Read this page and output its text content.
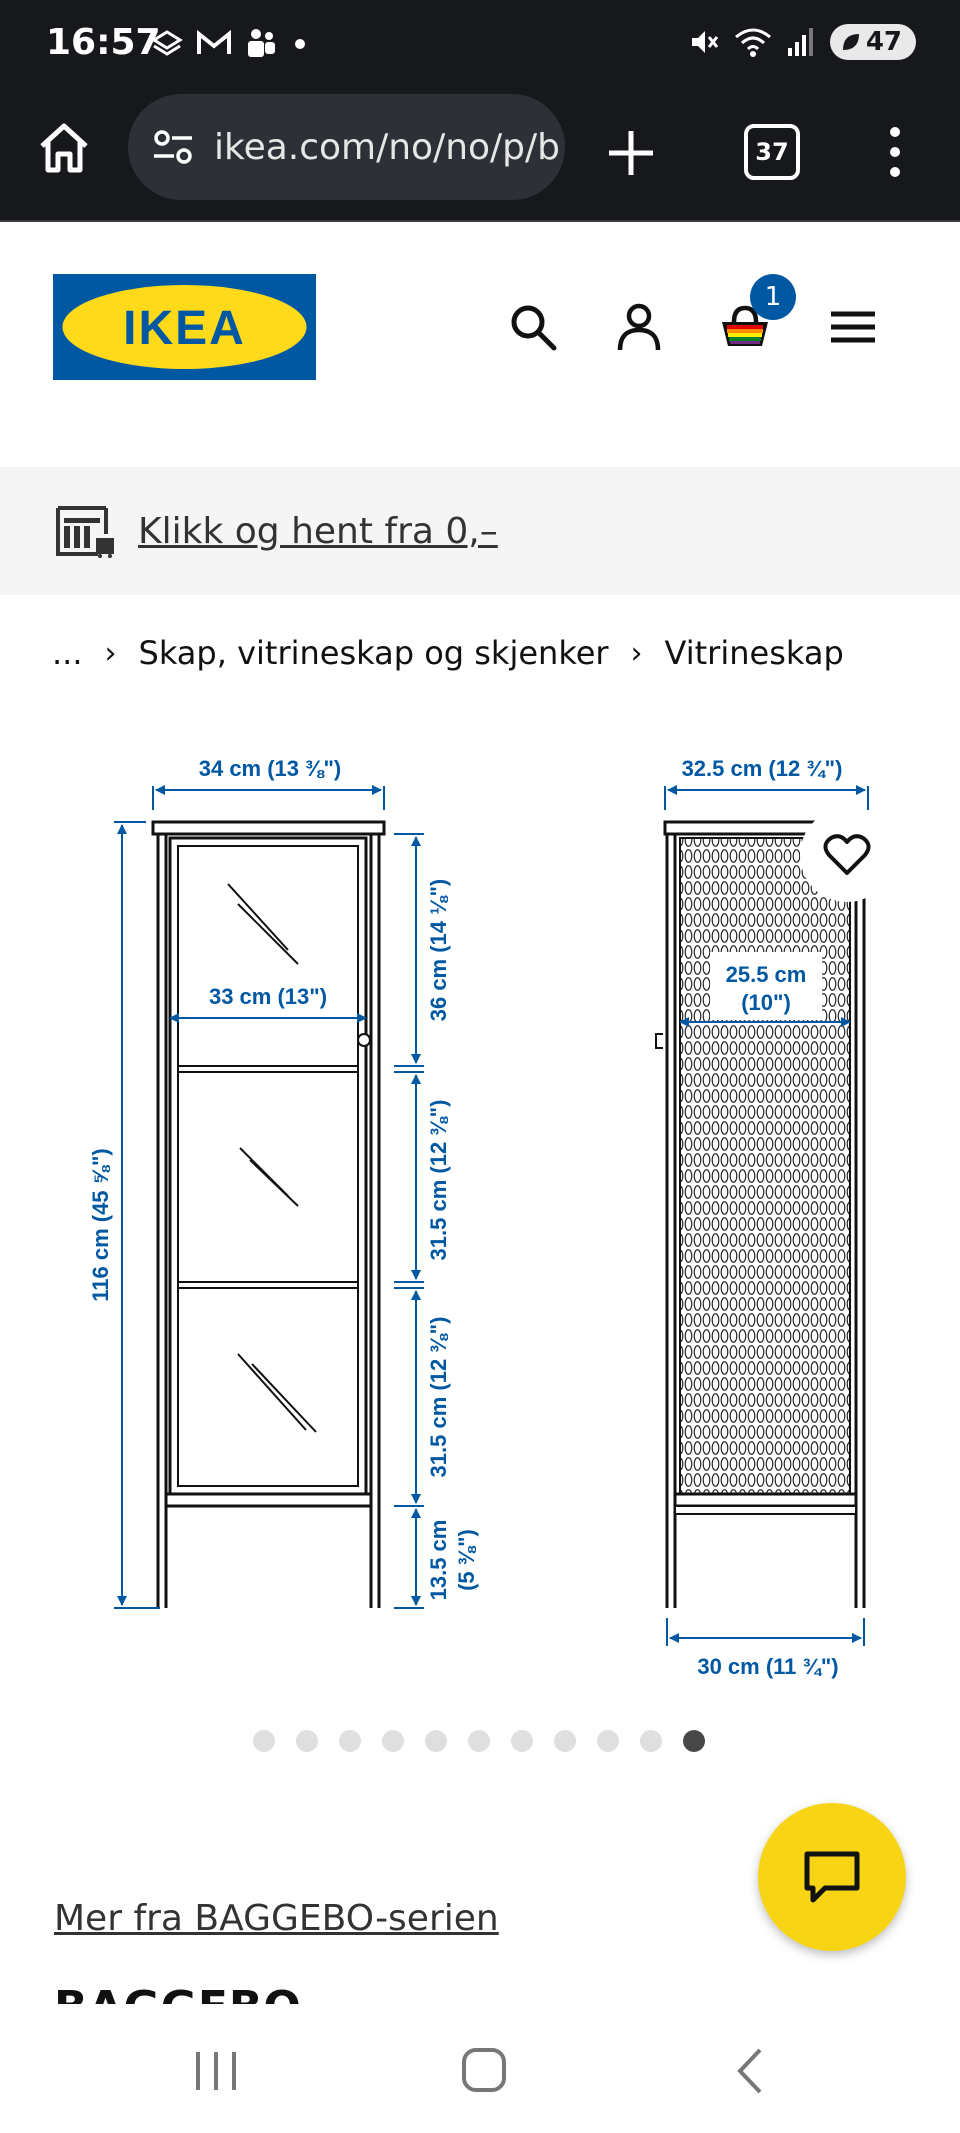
16:57	47
ikea.com/no/no/p/b	37
IKEA
1
Klikk og hent fra 0,–
... › Skap, vitrineskap og skjenker › Vitrineskap
34 cm (13 ⅜")
33 cm (13")
116 cm (45 ⅝")
36 cm (14 ⅛")
31.5 cm (12 ⅜")
31.5 cm (12 ⅜")
13.5 cm (5 ⅜")
32.5 cm (12 ¾")
25.5 cm
(10")
30 cm (11 ¾")
Mer fra BAGGEBO-serien
